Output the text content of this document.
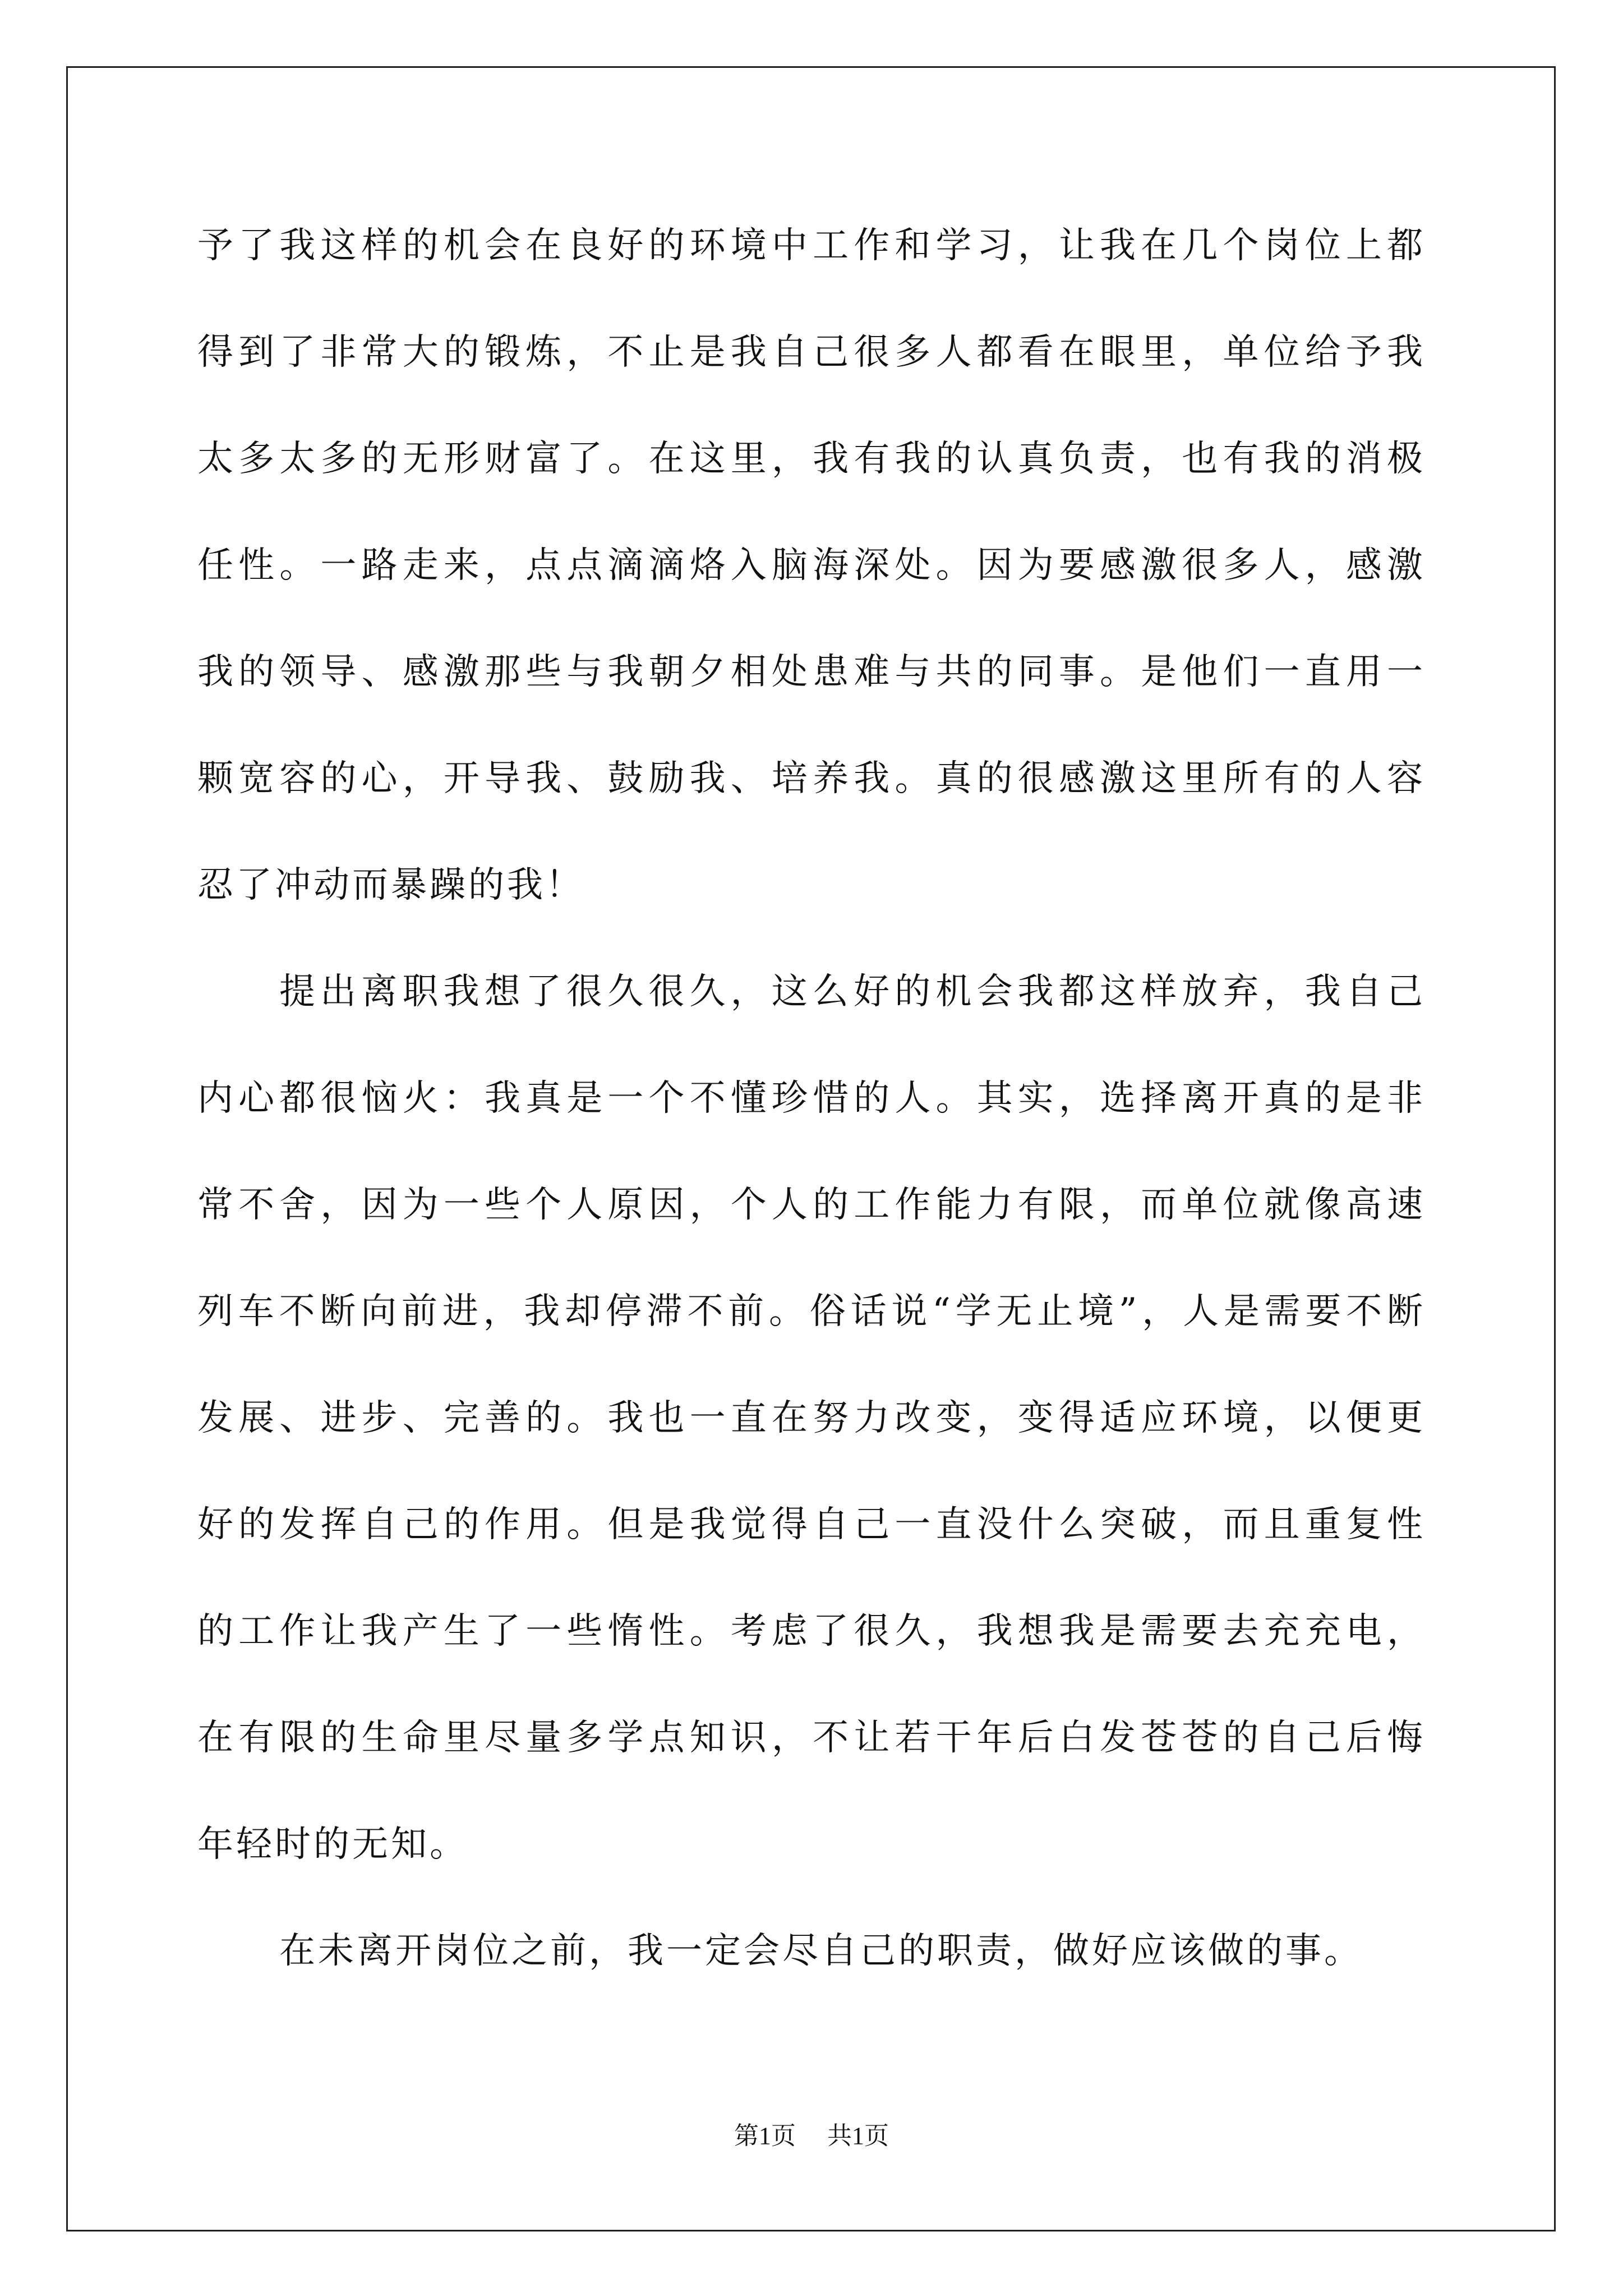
予了我这样的机会在良好的环境中工作和学习，让我在几个岗位上都
得到了非常大的锻炼，不止是我自己很多人都看在眼里，单位给予我
太多太多的无形财富了。在这里，我有我的认真负责，也有我的消极
任性。一路走来，点点滴滴烙入脑海深处。因为要感激很多人，感激
我的领导、感激那些与我朝夕相处患难与共的同事。是他们一直用一
颗宽容的心，开导我、鼓励我、培养我。真的很感激这里所有的人容
忍了冲动而暴躁的我！
提出离职我想了很久很久，这么好的机会我都这样放弃，我自己
内心都很恼火：我真是一个不懂珍惜的人。其实，选择离开真的是非
常不舍，因为一些个人原因，个人的工作能力有限，而单位就像高速
列车不断向前进，我却停滞不前。俗话说“学无止境”，人是需要不断
发展、进步、完善的。我也一直在努力改变，变得适应环境，以便更
好的发挥自己的作用。但是我觉得自己一直没什么突破，而且重复性
的工作让我产生了一些惰性。考虑了很久，我想我是需要去充充电，
在有限的生命里尽量多学点知识，不让若干年后白发苍苍的自己后悔
年轻时的无知。
在未离开岗位之前，我一定会尽自己的职责，做好应该做的事。
第1页 共1页
